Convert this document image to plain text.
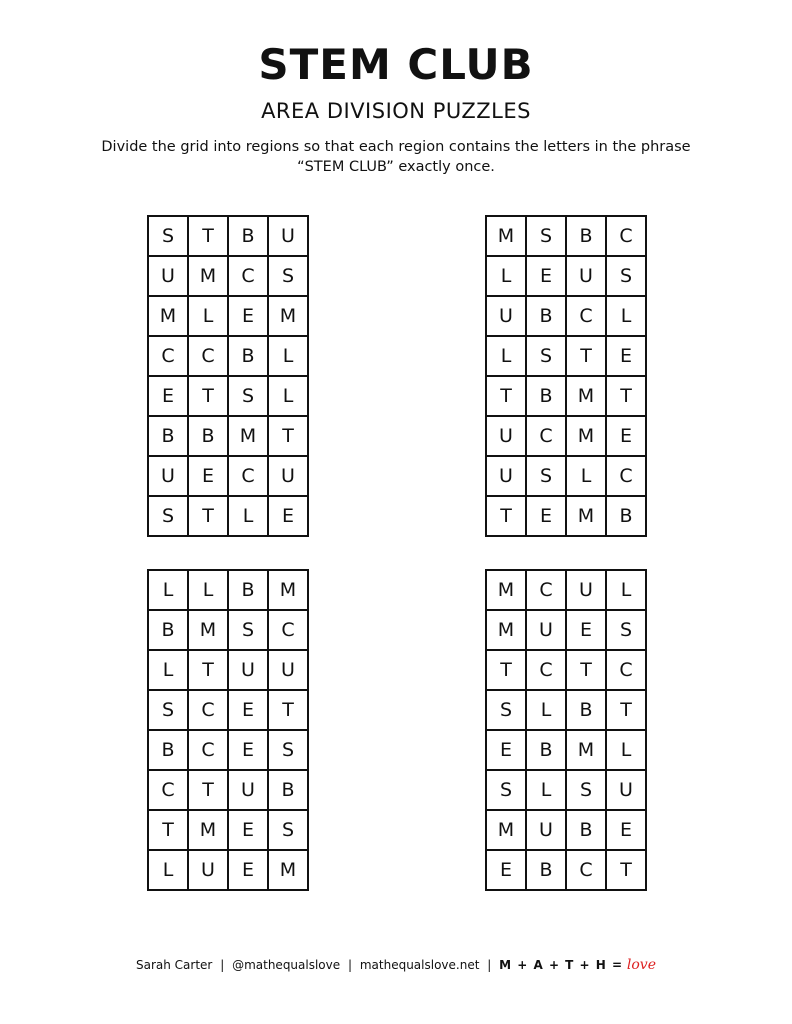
STEM CLUB
AREA DIVISION PUZZLES
Divide the grid into regions so that each region contains the letters in the phrase “STEM CLUB” exactly once.
S	T	B	U
U	M	C	S
M	L	E	M
C	C	B	L
E	T	S	L
B	B	M	T
U	E	C	U
S	T	L	E
M	S	B	C
L	E	U	S
U	B	C	L
L	S	T	E
T	B	M	T
U	C	M	E
U	S	L	C
T	E	M	B
L	L	B	M
B	M	S	C
L	T	U	U
S	C	E	T
B	C	E	S
C	T	U	B
T	M	E	S
L	U	E	M
M	C	U	L
M	U	E	S
T	C	T	C
S	L	B	T
E	B	M	L
S	L	S	U
M	U	B	E
E	B	C	T
Sarah Carter | @mathequalslove | mathequalslove.net | M + A + T + H = love
